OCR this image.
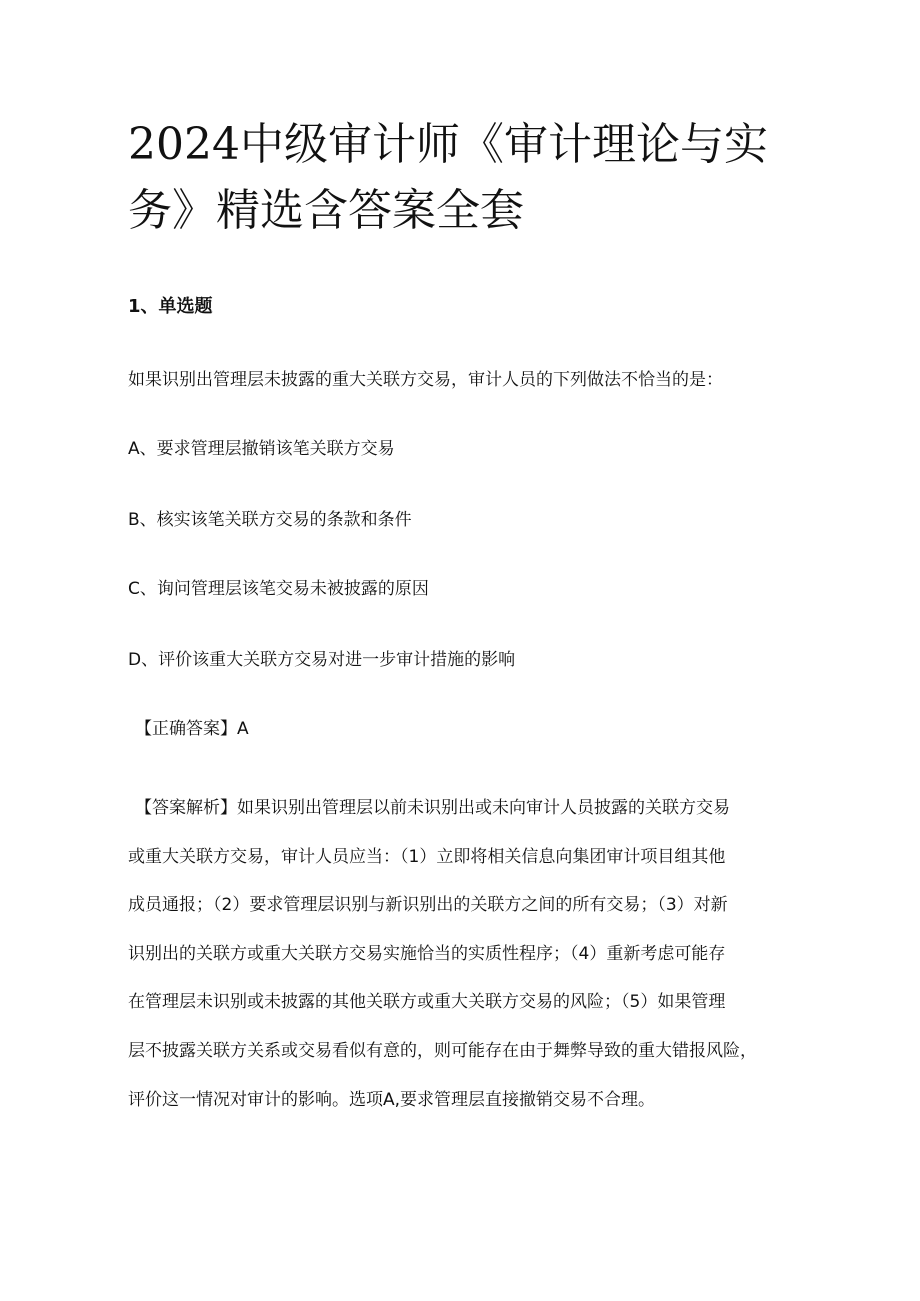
2024中级审计师《审计理论与实
务》精选含答案全套

1、单选题

如果识别出管理层未披露的重大关联方交易，审计人员的下列做法不恰当的是：

A、要求管理层撤销该笔关联方交易

B、核实该笔关联方交易的条款和条件

C、询问管理层该笔交易未被披露的原因

D、评价该重大关联方交易对进一步审计措施的影响

【正确答案】A

【答案解析】如果识别出管理层以前未识别出或未向审计人员披露的关联方交易
或重大关联方交易，审计人员应当：（1）立即将相关信息向集团审计项目组其他
成员通报；（2）要求管理层识别与新识别出的关联方之间的所有交易；（3）对新
识别出的关联方或重大关联方交易实施恰当的实质性程序；（4）重新考虑可能存
在管理层未识别或未披露的其他关联方或重大关联方交易的风险；（5）如果管理
层不披露关联方关系或交易看似有意的，则可能存在由于舞弊导致的重大错报风险，
评价这一情况对审计的影响。选项A,要求管理层直接撤销交易不合理。
